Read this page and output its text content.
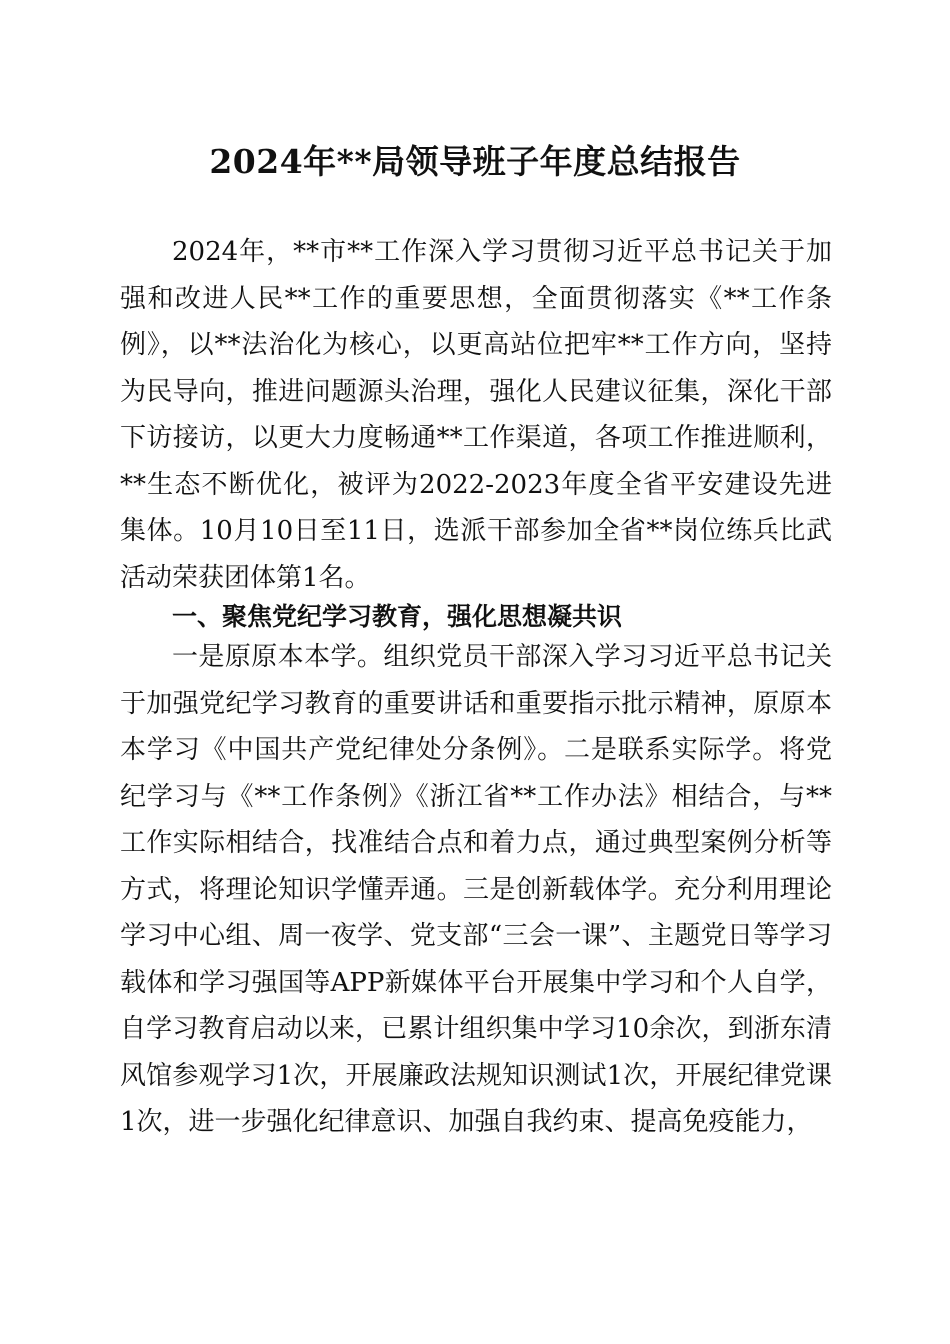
2024年**局领导班子年度总结报告

2024年，**市**工作深入学习贯彻习近平总书记关于加强和改进人民**工作的重要思想，全面贯彻落实《**工作条例》，以**法治化为核心，以更高站位把牢**工作方向，坚持为民导向，推进问题源头治理，强化人民建议征集，深化干部下访接访，以更大力度畅通**工作渠道，各项工作推进顺利，**生态不断优化，被评为2022-2023年度全省平安建设先进集体。10月10日至11日，选派干部参加全省**岗位练兵比武活动荣获团体第1名。

一、聚焦党纪学习教育，强化思想凝共识

一是原原本本学。组织党员干部深入学习习近平总书记关于加强党纪学习教育的重要讲话和重要指示批示精神，原原本本学习《中国共产党纪律处分条例》。二是联系实际学。将党纪学习与《**工作条例》《浙江省**工作办法》相结合，与**工作实际相结合，找准结合点和着力点，通过典型案例分析等方式，将理论知识学懂弄通。三是创新载体学。充分利用理论学习中心组、周一夜学、党支部“三会一课”、主题党日等学习载体和学习强国等APP新媒体平台开展集中学习和个人自学，自学习教育启动以来，已累计组织集中学习10余次，到浙东清风馆参观学习1次，开展廉政法规知识测试1次，开展纪律党课1次，进一步强化纪律意识、加强自我约束、提高免疫能力，
